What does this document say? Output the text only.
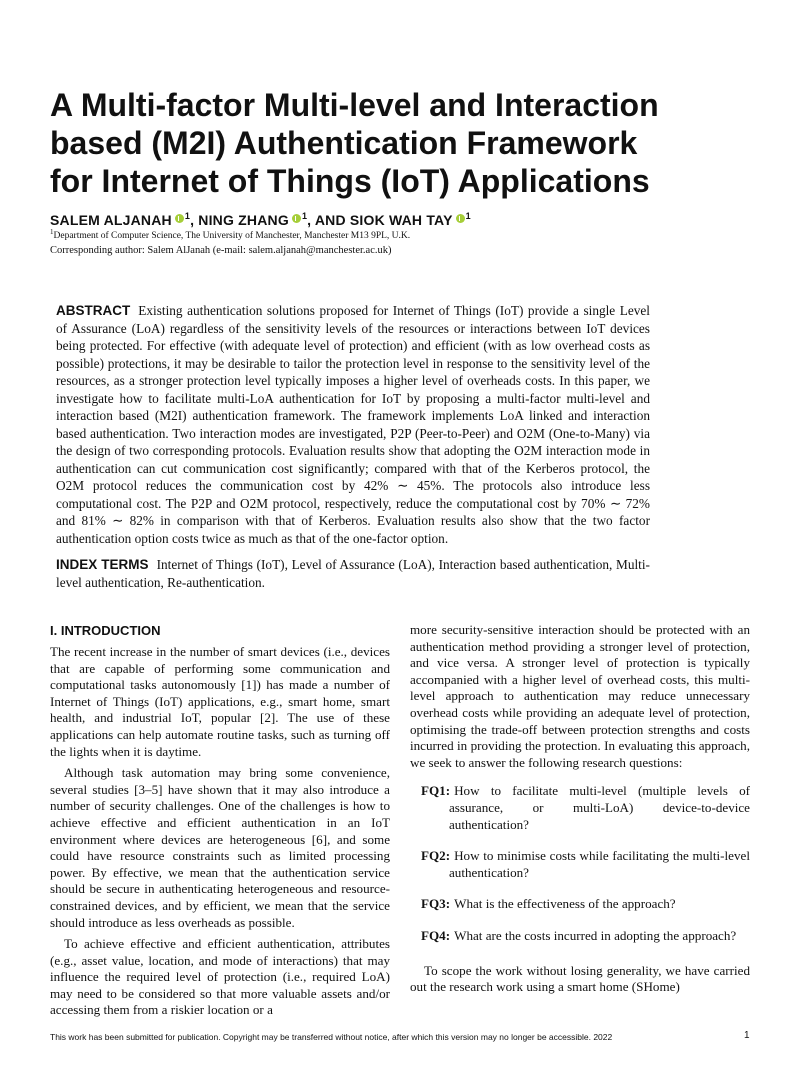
A Multi-factor Multi-level and Interaction
based (M2I) Authentication Framework
for Internet of Things (IoT) Applications
SALEM ALJANAH $^1$, NING ZHANG $^1$, AND SIOK WAH TAY $^1$
$^1$Department of Computer Science, The University of Manchester, Manchester M13 9PL, U.K.
Corresponding author: Salem AlJanah (e-mail: salem.aljanah@manchester.ac.uk)
ABSTRACT Existing authentication solutions proposed for Internet of Things (IoT) provide a single Level of Assurance (LoA) regardless of the sensitivity levels of the resources or interactions between IoT devices being protected. For effective (with adequate level of protection) and efficient (with as low overhead costs as possible) protections, it may be desirable to tailor the protection level in response to the sensitivity level of the resources, as a stronger protection level typically imposes a higher level of overheads costs. In this paper, we investigate how to facilitate multi-LoA authentication for IoT by proposing a multi-factor multi-level and interaction based (M2I) authentication framework. The framework implements LoA linked and interaction based authentication. Two interaction modes are investigated, P2P (Peer-to-Peer) and O2M (One-to-Many) via the design of two corresponding protocols. Evaluation results show that adopting the O2M interaction mode in authentication can cut communication cost significantly; compared with that of the Kerberos protocol, the O2M protocol reduces the communication cost by 42% ∼ 45%. The protocols also introduce less computational cost. The P2P and O2M protocol, respectively, reduce the computational cost by 70% ∼ 72% and 81% ∼ 82% in comparison with that of Kerberos. Evaluation results also show that the two factor authentication option costs twice as much as that of the one-factor option.
INDEX TERMS Internet of Things (IoT), Level of Assurance (LoA), Interaction based authentication, Multi-level authentication, Re-authentication.
I. INTRODUCTION

The recent increase in the number of smart devices (i.e., devices that are capable of performing some communication and computational tasks autonomously [1]) has made a number of Internet of Things (IoT) applications, e.g., smart home, smart health, and industrial IoT, popular [2]. The use of these applications can help automate routine tasks, such as turning off the lights when it is daytime.

Although task automation may bring some convenience, several studies [3–5] have shown that it may also introduce a number of security challenges. One of the challenges is how to achieve effective and efficient authentication in an IoT environment where devices are heterogeneous [6], and some could have resource constraints such as limited processing power. By effective, we mean that the authentication service should be secure in authenticating heterogeneous and resource-constrained devices, and by efficient, we mean that the service should introduce as less overheads as possible.

To achieve effective and efficient authentication, attributes (e.g., asset value, location, and mode of interactions) that may influence the required level of protection (i.e., required LoA) may need to be considered so that more valuable assets and/or accessing them from a riskier location or a

more security-sensitive interaction should be protected with an authentication method providing a stronger level of protection, and vice versa. A stronger level of protection is typically accompanied with a higher level of overhead costs, this multi-level approach to authentication may reduce unnecessary overhead costs while providing an adequate level of protection, optimising the trade-off between protection strengths and costs incurred in providing the protection. In evaluating this approach, we seek to answer the following research questions:

FQ1: How to facilitate multi-level (multiple levels of assurance, or multi-LoA) device-to-device authentication?
FQ2: How to minimise costs while facilitating the multi-level authentication?
FQ3: What is the effectiveness of the approach?
FQ4: What are the costs incurred in adopting the approach?

To scope the work without losing generality, we have carried out the research work using a smart home (SHome)

This work has been submitted for publication. Copyright may be transferred without notice, after which this version may no longer be accessible. 2022	1
